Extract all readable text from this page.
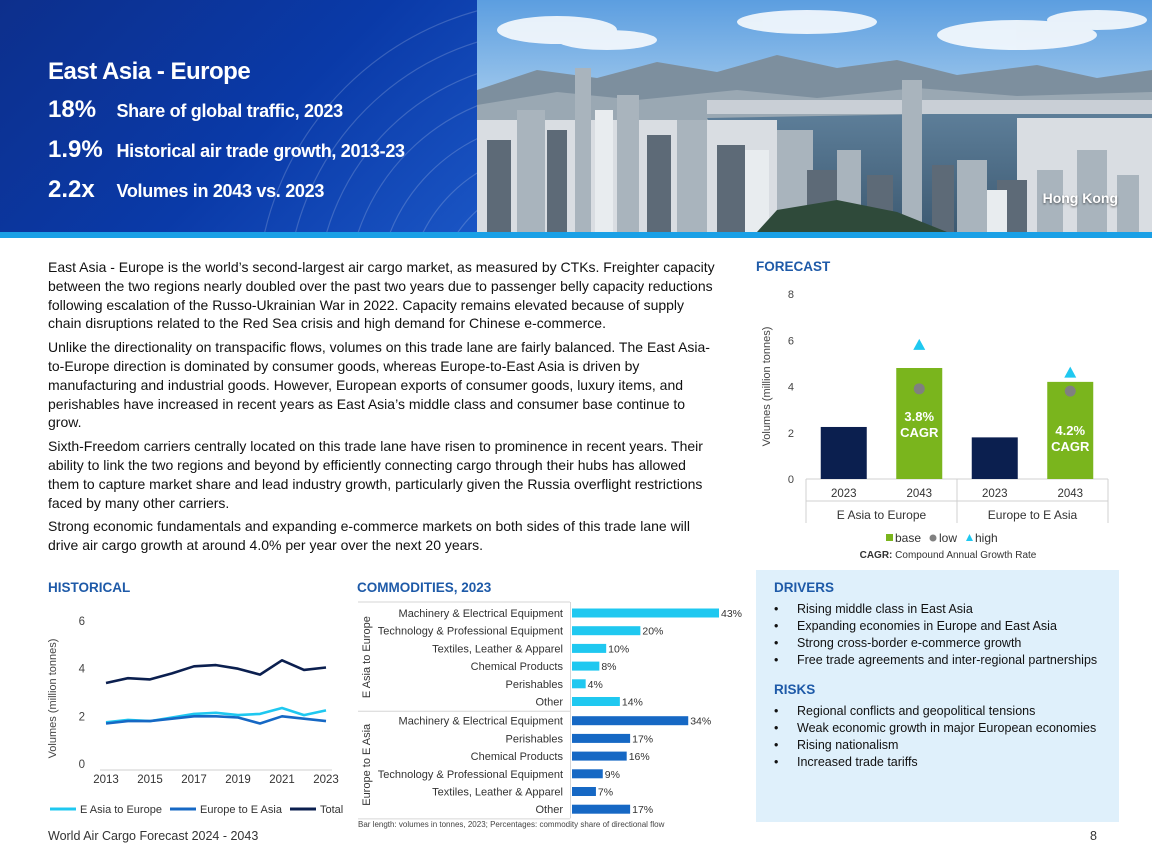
East Asia - Europe
18% Share of global traffic, 2023
1.9% Historical air trade growth, 2013-23
2.2x Volumes in 2043 vs. 2023	Hong Kong

East Asia - Europe is the world’s second-largest air cargo market, as measured by CTKs. Freighter capacity between the two regions nearly doubled over the past two years due to passenger belly capacity reductions following escalation of the Russo-Ukrainian War in 2022. Capacity remains elevated because of supply chain disruptions related to the Red Sea crisis and high demand for Chinese e-commerce.

Unlike the directionality on transpacific flows, volumes on this trade lane are fairly balanced. The East Asia-to-Europe direction is dominated by consumer goods, whereas Europe-to-East Asia is driven by manufacturing and industrial goods. However, European exports of consumer goods, luxury items, and perishables have increased in recent years as East Asia’s middle class and consumer base continue to grow.

Sixth-Freedom carriers centrally located on this trade lane have risen to prominence in recent years. Their ability to link the two regions and beyond by efficiently connecting cargo through their hubs has allowed them to capture market share and lead industry growth, particularly given the Russia overflight restrictions faced by many other carriers.

Strong economic fundamentals and expanding e-commerce markets on both sides of this trade lane will drive air cargo growth at around 4.0% per year over the next 20 years.

FORECAST
HISTORICAL	COMMODITIES, 2023
Volumes (million tonnes)
0
2
4
6
8
2023	2043
3.8%
CAGR
2023	2043
4.2%
CAGR
E Asia to Europe	Europe to E Asia
base low high
CAGR: Compound Annual Growth Rate
Volumes (million tonnes)
0
2
4
6
2013 2015 2017 2019 2021 2023
E Asia to Europe	Europe to E Asia	Total
Machinery & Electrical Equipment	43%
Technology & Professional Equipment	20%
Textiles, Leather & Apparel	10%
Chemical Products	8%
Perishables 4%
Other	14%
E Asia to Europe
Machinery & Electrical Equipment	34%
Perishables	17%
Chemical Products	16%
Technology & Professional Equipment	9%
Textiles, Leather & Apparel	7%
Other	17%
Europe to E Asia
Bar length: volumes in tonnes, 2023; Percentages: commodity share of directional flow
DRIVERS
• Rising middle class in East Asia
• Expanding economies in Europe and East Asia
• Strong cross-border e-commerce growth
• Free trade agreements and inter-regional partnerships
RISKS
• Regional conflicts and geopolitical tensions
• Weak economic growth in major European economies
• Rising nationalism
• Increased trade tariffs
World Air Cargo Forecast 2024 - 2043	8
